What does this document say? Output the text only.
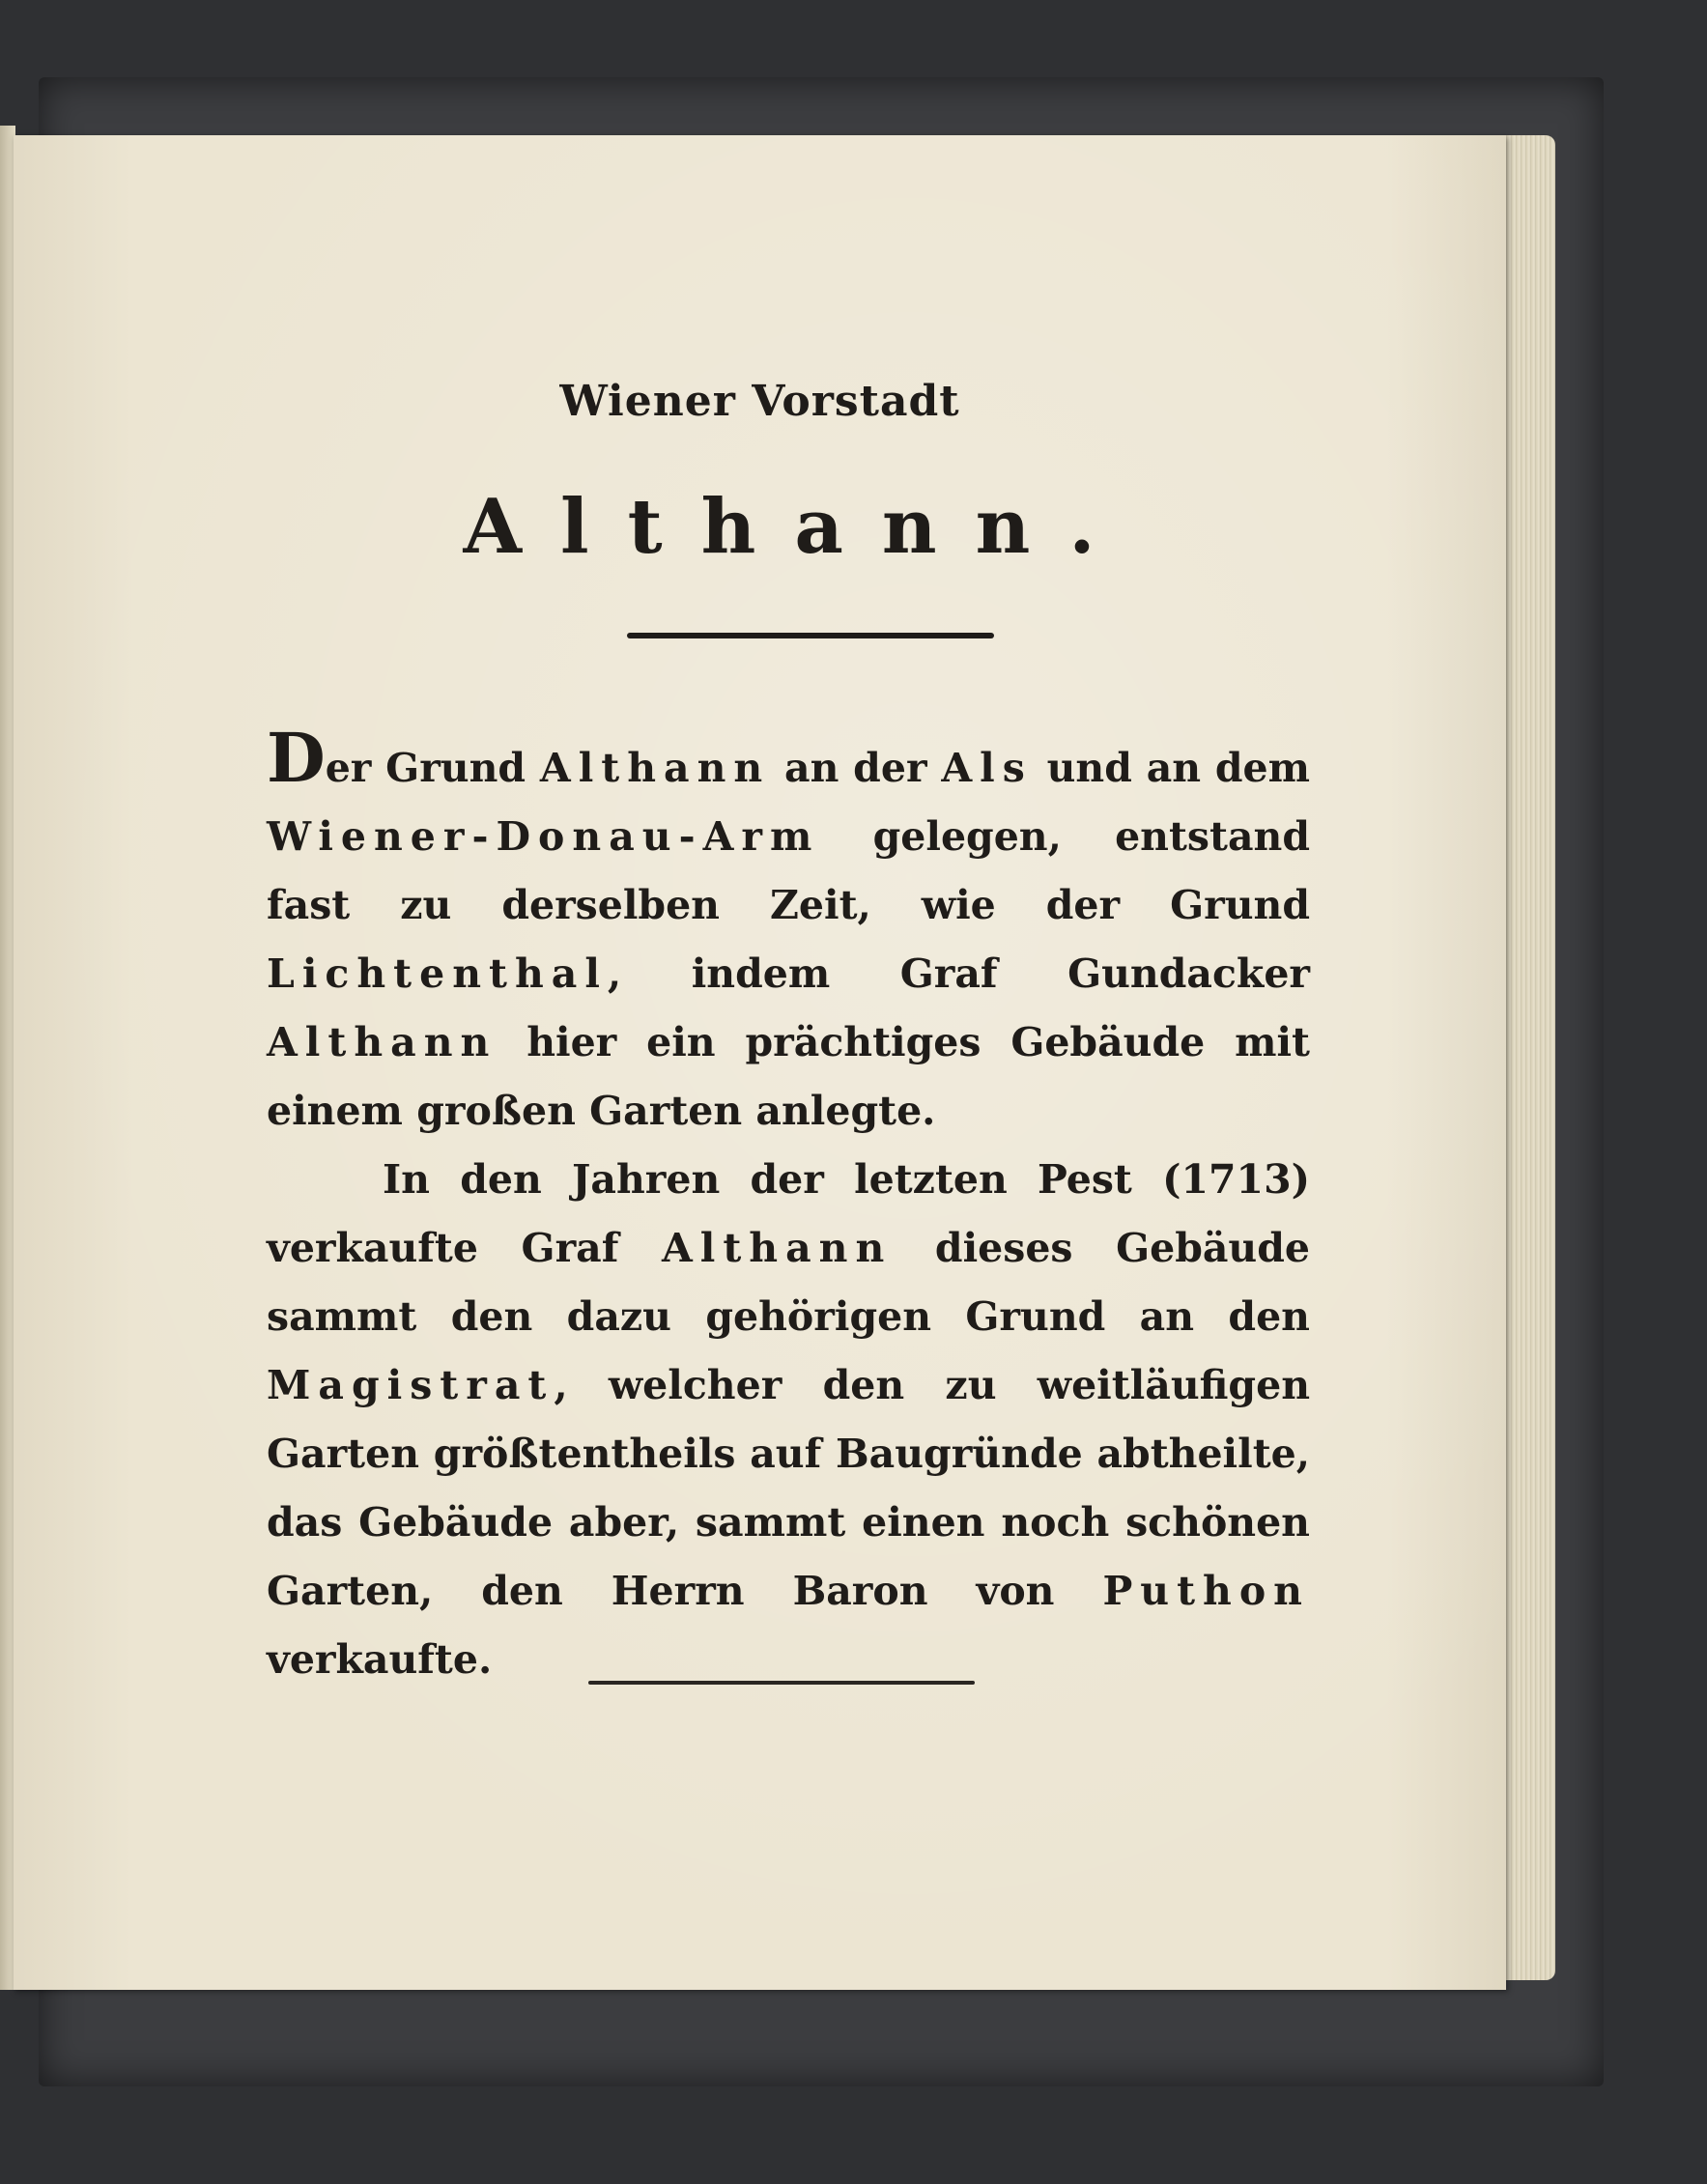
Wiener Vorstadt
Althann.

Der Grund Althann an der Als und an dem Wiener-Donau-Arm gelegen, entstand fast zu derselben Zeit, wie der Grund Lichtenthal, indem Graf Gundacker Althann hier ein prächtiges Gebäude mit einem großen Garten anlegte.

In den Jahren der letzten Pest (1713) verkaufte Graf Althann dieses Gebäude sammt den dazu gehörigen Grund an den Magistrat, welcher den zu weitläufigen Garten größtentheils auf Baugründe abtheilte, das Gebäude aber, sammt einen noch schönen Garten, den Herrn Baron von Puthon verkaufte.
